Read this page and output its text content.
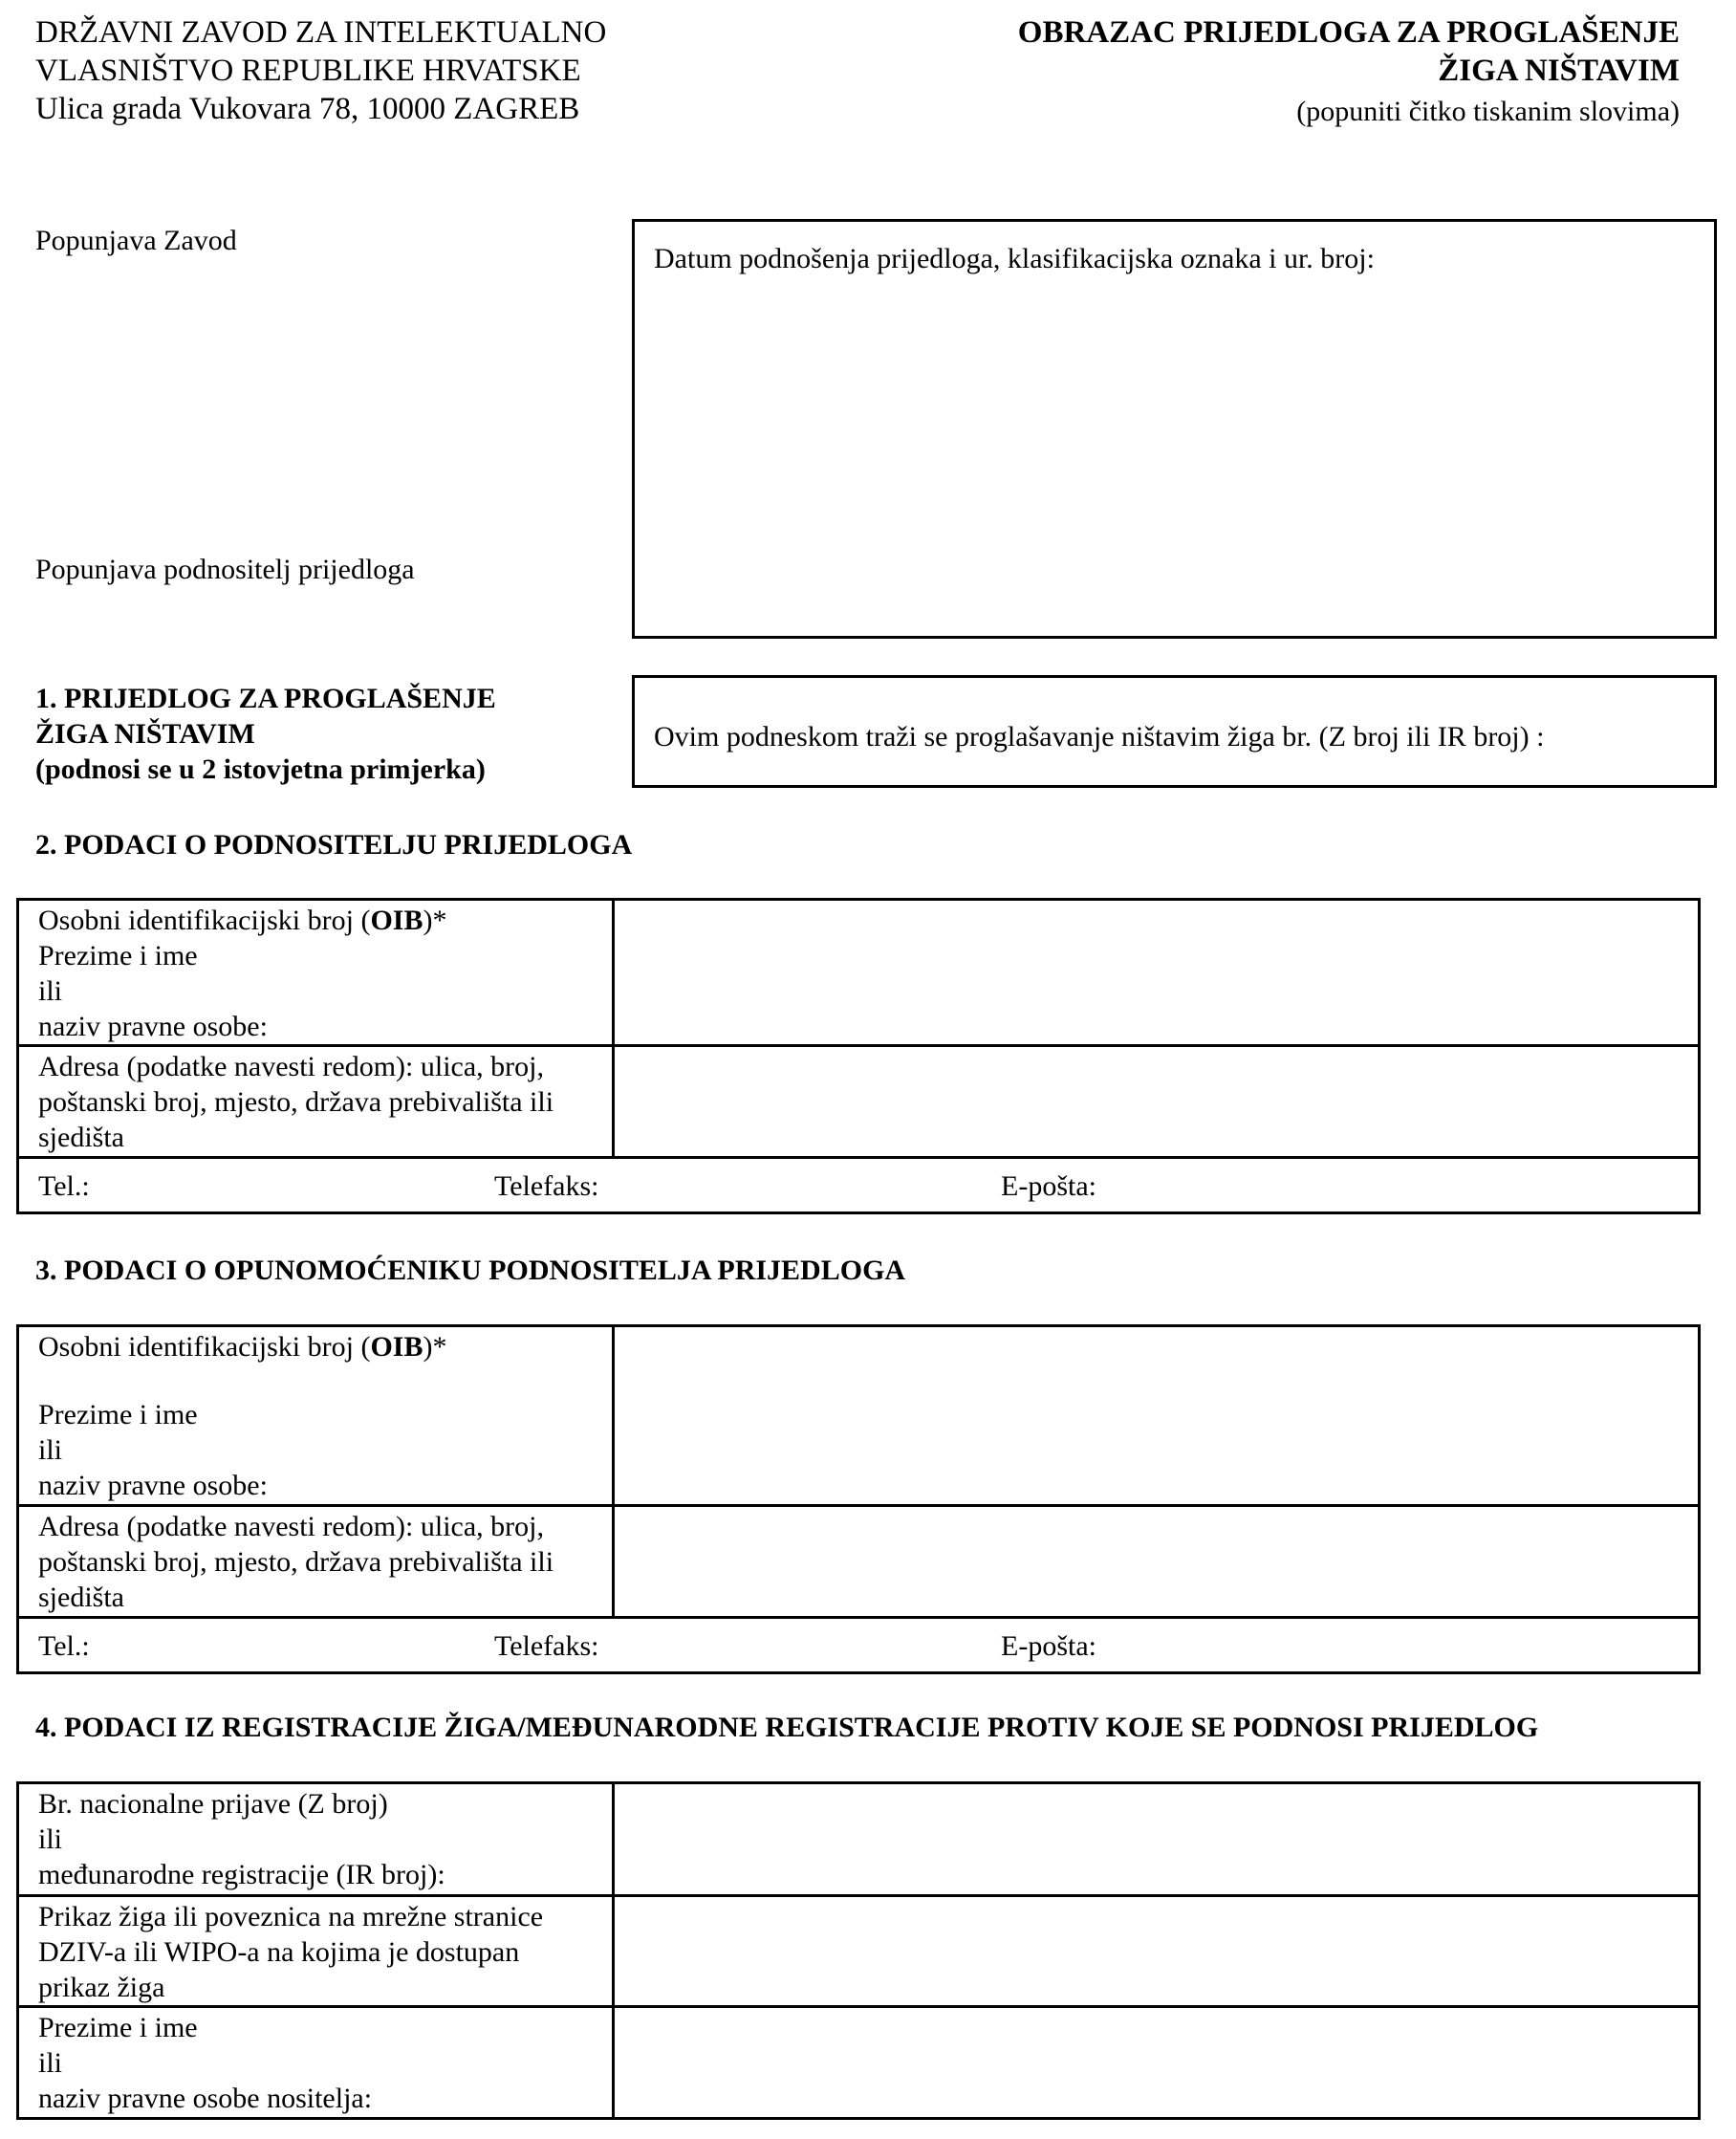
DRŽAVNI ZAVOD ZA INTELEKTUALNO
VLASNIŠTVO REPUBLIKE HRVATSKE
Ulica grada Vukovara 78, 10000 ZAGREB
OBRAZAC PRIJEDLOGA ZA PROGLAŠENJE
ŽIGA NIŠTAVIM
(popuniti čitko tiskanim slovima)
Popunjava Zavod
Popunjava podnositelj prijedloga
Datum podnošenja prijedloga, klasifikacijska oznaka i ur. broj:
1. PRIJEDLOG ZA PROGLAŠENJE
ŽIGA NIŠTAVIM
(podnosi se u 2 istovjetna primjerka)
Ovim podneskom traži se proglašavanje ništavim žiga br. (Z broj ili IR broj) :
2. PODACI O PODNOSITELJU PRIJEDLOGA
Osobni identifikacijski broj (OIB)*
Prezime i ime
ili
naziv pravne osobe:	

Adresa (podatke navesti redom): ulica, broj,
poštanski broj, mjesto, država prebivališta ili
sjedišta	

Tel.: Telefaks: E-pošta:	
3. PODACI O OPUNOMOĆENIKU PODNOSITELJA PRIJEDLOGA
Osobni identifikacijski broj (OIB)*
Prezime i ime
ili
naziv pravne osobe:	

Adresa (podatke navesti redom): ulica, broj,
poštanski broj, mjesto, država prebivališta ili
sjedišta	

Tel.: Telefaks: E-pošta:	
4. PODACI IZ REGISTRACIJE ŽIGA/MEĐUNARODNE REGISTRACIJE PROTIV KOJE SE PODNOSI PRIJEDLOG
Br. nacionalne prijave (Z broj)
ili
međunarodne registracije (IR broj):	

Prikaz žiga ili poveznica na mrežne stranice
DZIV-a ili WIPO-a na kojima je dostupan
prikaz žiga	

Prezime i ime
ili
naziv pravne osobe nositelja:	
